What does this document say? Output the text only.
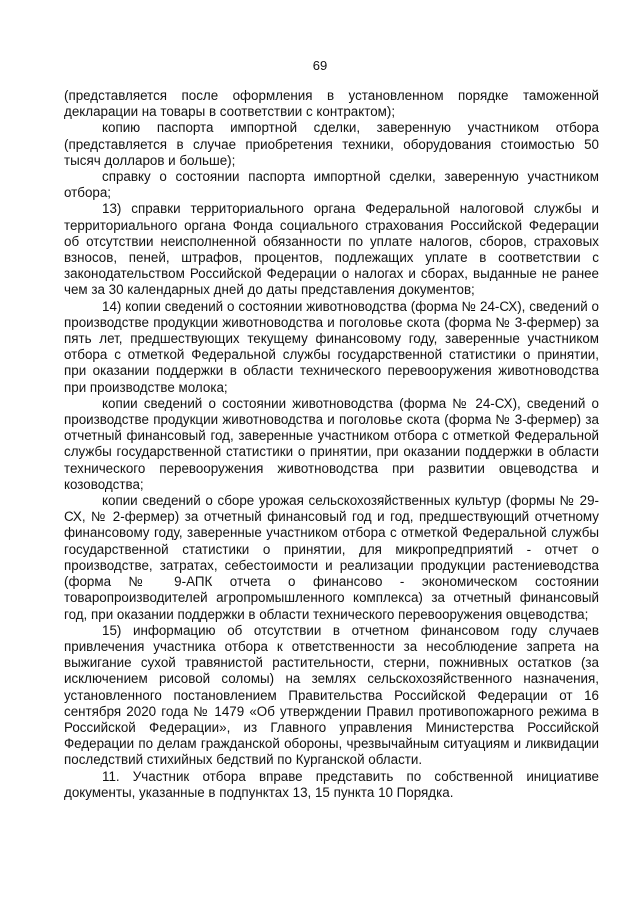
69

(представляется после оформления в установленном порядке таможенной декларации на товары в соответствии с контрактом);

копию паспорта импортной сделки, заверенную участником отбора (представляется в случае приобретения техники, оборудования стоимостью 50 тысяч долларов и больше);

справку о состоянии паспорта импортной сделки, заверенную участником отбора;

13) справки территориального органа Федеральной налоговой службы и территориального органа Фонда социального страхования Российской Федерации об отсутствии неисполненной обязанности по уплате налогов, сборов, страховых взносов, пеней, штрафов, процентов, подлежащих уплате в соответствии с законодательством Российской Федерации о налогах и сборах, выданные не ранее чем за 30 календарных дней до даты представления документов;

14) копии сведений о состоянии животноводства (форма № 24-СХ), сведений о производстве продукции животноводства и поголовье скота (форма № 3-фермер) за пять лет, предшествующих текущему финансовому году, заверенные участником отбора с отметкой Федеральной службы государственной статистики о принятии, при оказании поддержки в области технического перевооружения животноводства при производстве молока;

копии сведений о состоянии животноводства (форма № 24-СХ), сведений о производстве продукции животноводства и поголовье скота (форма № 3-фермер) за отчетный финансовый год, заверенные участником отбора с отметкой Федеральной службы государственной статистики о принятии, при оказании поддержки в области технического перевооружения животноводства при развитии овцеводства и козоводства;

копии сведений о сборе урожая сельскохозяйственных культур (формы № 29-СХ, № 2-фермер) за отчетный финансовый год и год, предшествующий отчетному финансовому году, заверенные участником отбора с отметкой Федеральной службы государственной статистики о принятии, для микропредприятий - отчет о производстве, затратах, себестоимости и реализации продукции растениеводства (форма № 9-АПК отчета о финансово - экономическом состоянии товаропроизводителей агропромышленного комплекса) за отчетный финансовый год, при оказании поддержки в области технического перевооружения овцеводства;

15) информацию об отсутствии в отчетном финансовом году случаев привлечения участника отбора к ответственности за несоблюдение запрета на выжигание сухой травянистой растительности, стерни, пожнивных остатков (за исключением рисовой соломы) на землях сельскохозяйственного назначения, установленного постановлением Правительства Российской Федерации от 16 сентября 2020 года № 1479 «Об утверждении Правил противопожарного режима в Российской Федерации», из Главного управления Министерства Российской Федерации по делам гражданской обороны, чрезвычайным ситуациям и ликвидации последствий стихийных бедствий по Курганской области.

11. Участник отбора вправе представить по собственной инициативе документы, указанные в подпунктах 13, 15 пункта 10 Порядка.
